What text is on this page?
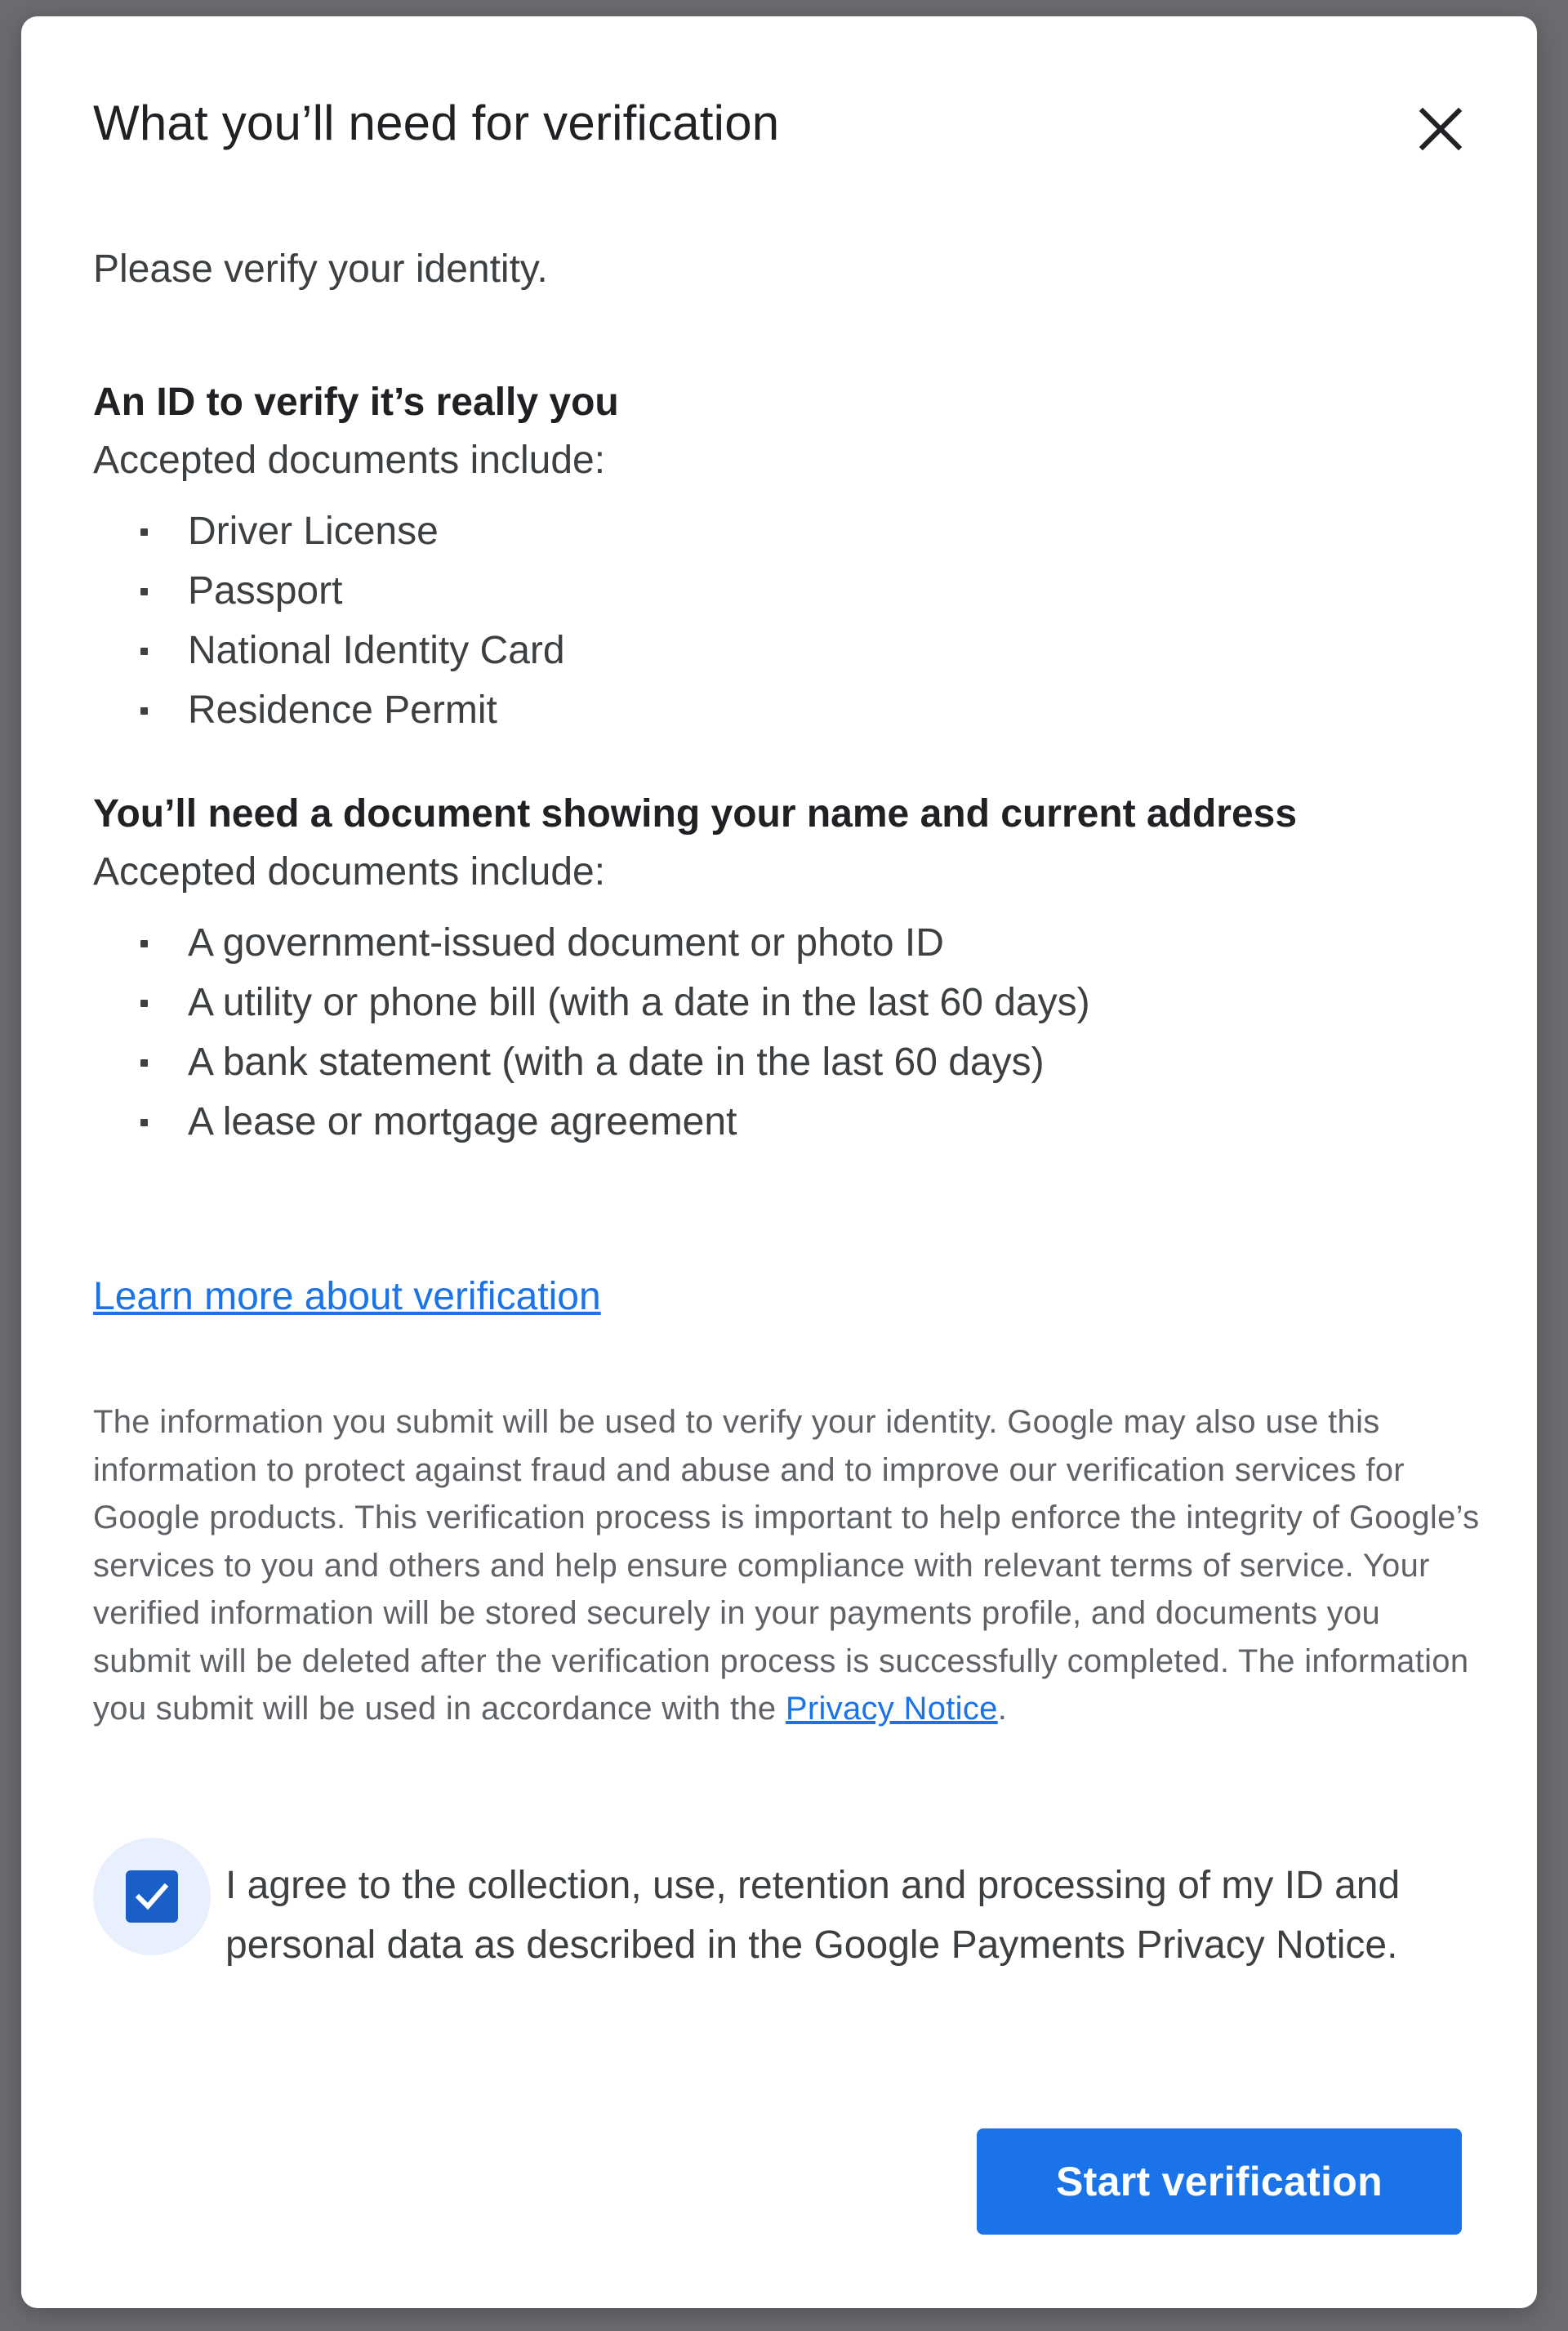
What you’ll need for verification
Please verify your identity.
An ID to verify it’s really you
Accepted documents include:
Driver License
Passport
National Identity Card
Residence Permit
You’ll need a document showing your name and current address
Accepted documents include:
A government-issued document or photo ID
A utility or phone bill (with a date in the last 60 days)
A bank statement (with a date in the last 60 days)
A lease or mortgage agreement
Learn more about verification
The information you submit will be used to verify your identity. Google may also use this information to protect against fraud and abuse and to improve our verification services for Google products. This verification process is important to help enforce the integrity of Google’s services to you and others and help ensure compliance with relevant terms of service. Your verified information will be stored securely in your payments profile, and documents you submit will be deleted after the verification process is successfully completed. The information you submit will be used in accordance with the Privacy Notice.
I agree to the collection, use, retention and processing of my ID and personal data as described in the Google Payments Privacy Notice.
Start verification
